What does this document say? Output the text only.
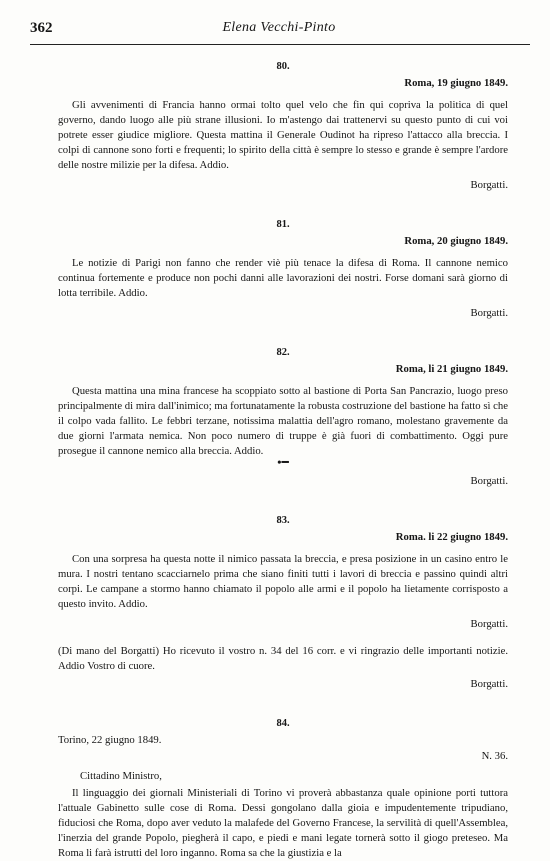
362	Elena Vecchi-Pinto

80.

Roma, 19 giugno 1849.

Gli avvenimenti di Francia hanno ormai tolto quel velo che fin qui copriva la politica di quel governo, dando luogo alle più strane illusioni. Io m'astengo dai trattenervi su questo punto di cui voi potrete esser giudice migliore. Questa mattina il Generale Oudinot ha ripreso l'attacco alla breccia. I colpi di cannone sono forti e frequenti; lo spirito della città è sempre lo stesso e grande è sempre l'ardore delle nostre milizie per la difesa. Addio.

Borgatti.

81.

Roma, 20 giugno 1849.

Le notizie di Parigi non fanno che render viè più tenace la difesa di Roma. Il cannone nemico continua fortemente e produce non pochi danni alle lavorazioni dei nostri. Forse domani sarà giorno di lotta terribile. Addio.

Borgatti.

82.

Roma, li 21 giugno 1849.

Questa mattina una mina francese ha scoppiato sotto al bastione di Porta San Pancrazio, luogo preso principalmente di mira dall'inimico; ma fortunatamente la robusta costruzione del bastione ha fatto sì che il colpo vada fallito. Le febbri terzane, notissima malattia dell'agro romano, molestano gravemente da due giorni l'armata nemica. Non poco numero di truppe è già fuori di combattimento. Oggi pure prosegue il cannone nemico alla breccia. Addio.

•━

Borgatti.

83.

Roma. li 22 giugno 1849.

Con una sorpresa ha questa notte il nimico passata la breccia, e presa posizione in un casino entro le mura. I nostri tentano scacciarnelo prima che siano finiti tutti i lavori di breccia e passino quindi altri corpi. Le campane a stormo hanno chiamato il popolo alle armi e il popolo ha lietamente corrisposto a questo invito. Addio.

Borgatti.

(Di mano del Borgatti) Ho ricevuto il vostro n. 34 del 16 corr. e vi ringrazio delle importanti notizie. Addio Vostro di cuore.

Borgatti.

84.

Torino, 22 giugno 1849.
N. 36.

Cittadino Ministro,

Il linguaggio dei giornali Ministeriali di Torino vi proverà abbastanza quale opinione porti tuttora l'attuale Gabinetto sulle cose di Roma. Dessi gongolano dalla gioia e impudentemente tripudiano, fiduciosi che Roma, dopo aver veduto la malafede del Governo Francese, la servilità di quell'Assemblea, l'inerzia del grande Popolo, piegherà il capo, e piedi e mani legate tornerà sotto il giogo preteseo. Ma Roma li farà istrutti del loro inganno. Roma sa che la giustizia e la
